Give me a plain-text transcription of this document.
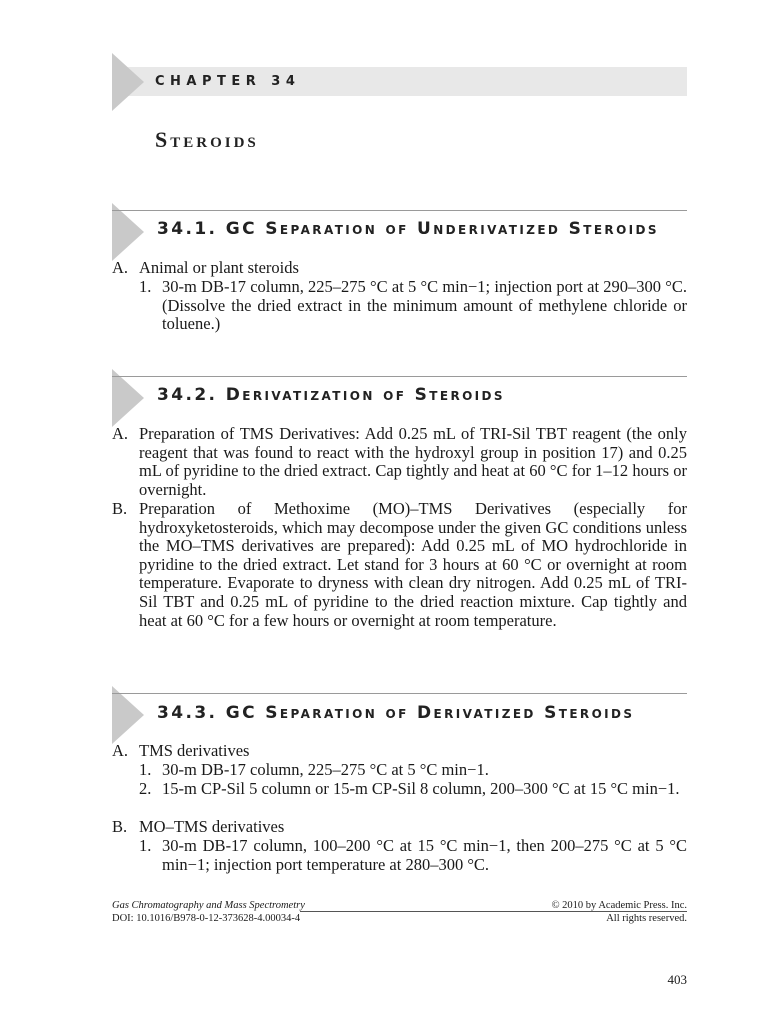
CHAPTER 34
Steroids
34.1. GC Separation of Underivatized Steroids
A. Animal or plant steroids
1. 30-m DB-17 column, 225–275 °C at 5 °C min−1; injection port at 290–300 °C. (Dissolve the dried extract in the minimum amount of methylene chloride or toluene.)
34.2. Derivatization of Steroids
A. Preparation of TMS Derivatives: Add 0.25 mL of TRI-Sil TBT reagent (the only reagent that was found to react with the hydroxyl group in position 17) and 0.25 mL of pyridine to the dried extract. Cap tightly and heat at 60 °C for 1–12 hours or overnight.
B. Preparation of Methoxime (MO)–TMS Derivatives (especially for hydroxyketosteroids, which may decompose under the given GC conditions unless the MO–TMS derivatives are prepared): Add 0.25 mL of MO hydrochloride in pyridine to the dried extract. Let stand for 3 hours at 60 °C or overnight at room temperature. Evaporate to dryness with clean dry nitrogen. Add 0.25 mL of TRI-Sil TBT and 0.25 mL of pyridine to the dried reaction mixture. Cap tightly and heat at 60 °C for a few hours or overnight at room temperature.
34.3. GC Separation of Derivatized Steroids
A. TMS derivatives
1. 30-m DB-17 column, 225–275 °C at 5 °C min−1.
2. 15-m CP-Sil 5 column or 15-m CP-Sil 8 column, 200–300 °C at 15 °C min−1.
B. MO–TMS derivatives
1. 30-m DB-17 column, 100–200 °C at 15 °C min−1, then 200–275 °C at 5 °C min−1; injection port temperature at 280–300 °C.
Gas Chromatography and Mass Spectrometry
DOI: 10.1016/B978-0-12-373628-4.00034-4
© 2010 by Academic Press. Inc.
All rights reserved.
403
